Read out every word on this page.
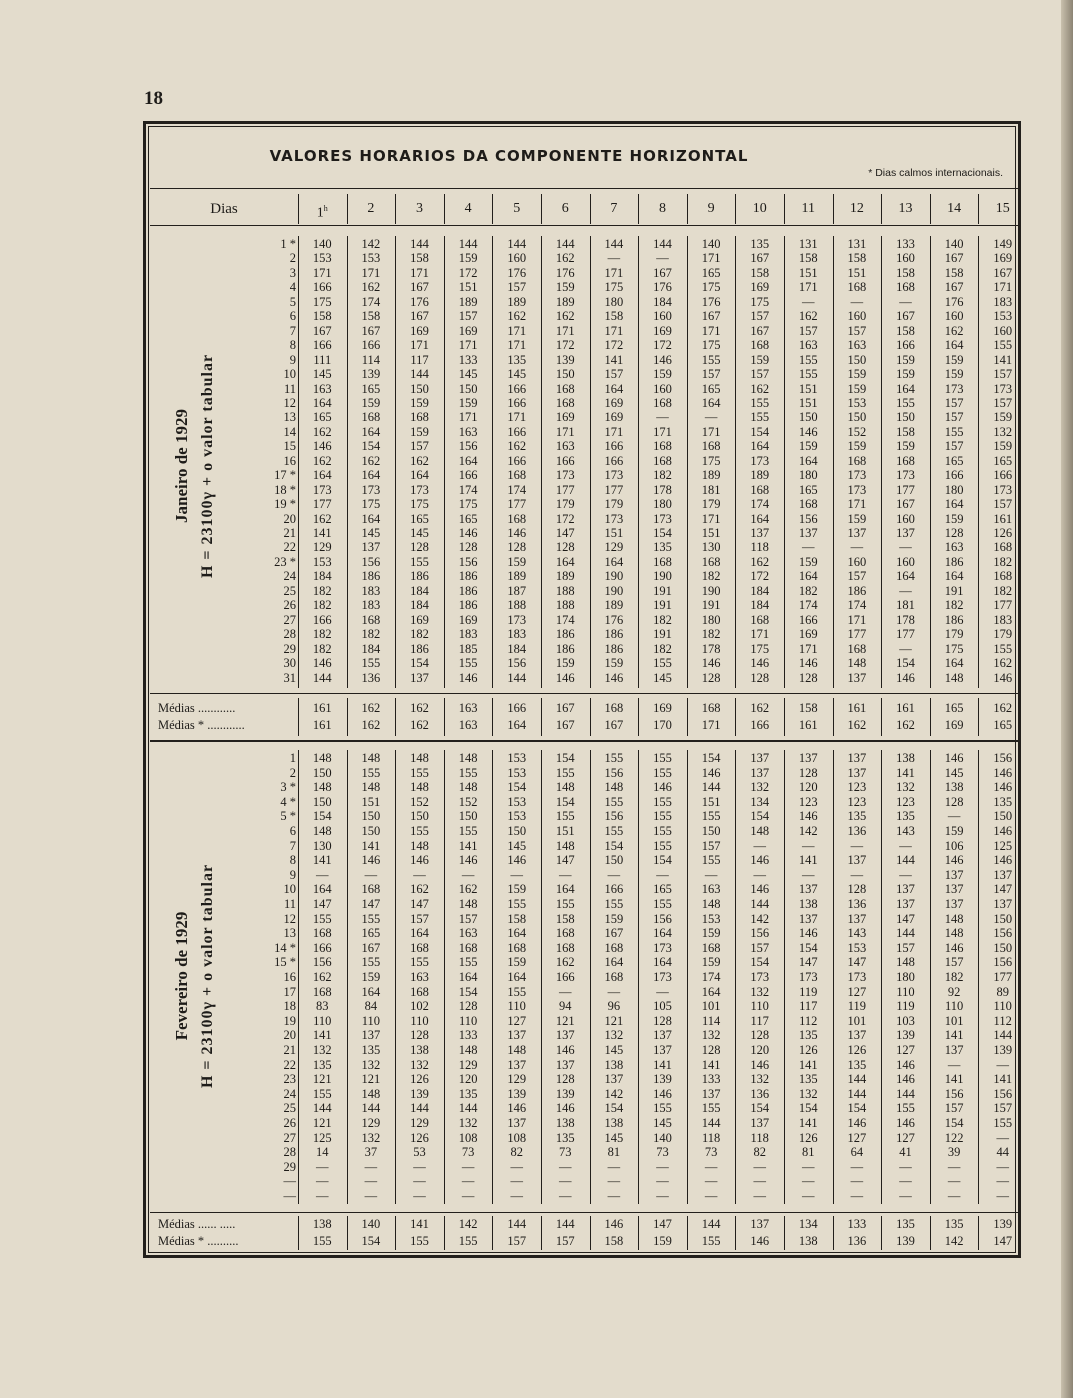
18
VALORES HORARIOS DA COMPONENTE HORIZONTAL
* Dias calmos internacionais.
Dias	1$^h$	2	3	4	5	6	7	8	9	10	11	12	13	14	15
Janeiro de 1929 H = 23100γ + o valor tabular
1 *	140	142	144	144	144	144	144	144	140	135	131	131	133	140	149
2	153	153	158	159	160	162	—	—	171	167	158	158	160	167	169
3	171	171	171	172	176	176	171	167	165	158	151	151	158	158	167
4	166	162	167	151	157	159	175	176	175	169	171	168	168	167	171
5	175	174	176	189	189	189	180	184	176	175	—	—	—	176	183
6	158	158	167	157	162	162	158	160	167	157	162	160	167	160	153
7	167	167	169	169	171	171	171	169	171	167	157	157	158	162	160
8	166	166	171	171	171	172	172	172	175	168	163	163	166	164	155
9	111	114	117	133	135	139	141	146	155	159	155	150	159	159	141
10	145	139	144	145	145	150	157	159	157	157	155	159	159	159	157
11	163	165	150	150	166	168	164	160	165	162	151	159	164	173	173
12	164	159	159	159	166	168	169	168	164	155	151	153	155	157	157
13	165	168	168	171	171	169	169	—	—	155	150	150	150	157	159
14	162	164	159	163	166	171	171	171	171	154	146	152	158	155	132
15	146	154	157	156	162	163	166	168	168	164	159	159	159	157	159
16	162	162	162	164	166	166	166	168	175	173	164	168	168	165	165
17 *	164	164	164	166	168	173	173	182	189	189	180	173	173	166	166
18 *	173	173	173	174	174	177	177	178	181	168	165	173	177	180	173
19 *	177	175	175	175	177	179	179	180	179	174	168	171	167	164	157
20	162	164	165	165	168	172	173	173	171	164	156	159	160	159	161
21	141	145	145	146	146	147	151	154	151	137	137	137	137	128	126
22	129	137	128	128	128	128	129	135	130	118	—	—	—	163	168
23 *	153	156	155	156	159	164	164	168	168	162	159	160	160	186	182
24	184	186	186	186	189	189	190	190	182	172	164	157	164	164	168
25	182	183	184	186	187	188	190	191	190	184	182	186	—	191	182
26	182	183	184	186	188	188	189	191	191	184	174	174	181	182	177
27	166	168	169	169	173	174	176	182	180	168	166	171	178	186	183
28	182	182	182	183	183	186	186	191	182	171	169	177	177	179	179
29	182	184	186	185	184	186	186	182	178	175	171	168	—	175	155
30	146	155	154	155	156	159	159	155	146	146	146	148	154	164	162
31	144	136	137	146	144	146	146	145	128	128	128	137	146	148	146
Médias ............	161	162	162	163	166	167	168	169	168	162	158	161	161	165	162
Médias * ............	161	162	162	163	164	167	167	170	171	166	161	162	162	169	165
Fevereiro de 1929 H = 23100γ + o valor tabular
1	148	148	148	148	153	154	155	155	154	137	137	137	138	146	156
2	150	155	155	155	153	155	156	155	146	137	128	137	141	145	146
3 *	148	148	148	148	154	148	148	146	144	132	120	123	132	138	146
4 *	150	151	152	152	153	154	155	155	151	134	123	123	123	128	135
5 *	154	150	150	150	153	155	156	155	155	154	146	135	135	—	150
6	148	150	155	155	150	151	155	155	150	148	142	136	143	159	146
7	130	141	148	141	145	148	154	155	157	—	—	—	—	106	125
8	141	146	146	146	146	147	150	154	155	146	141	137	144	146	146
9	—	—	—	—	—	—	—	—	—	—	—	—	—	137	137
10	164	168	162	162	159	164	166	165	163	146	137	128	137	137	147
11	147	147	147	148	155	155	155	155	148	144	138	136	137	137	137
12	155	155	157	157	158	158	159	156	153	142	137	137	147	148	150
13	168	165	164	163	164	168	167	164	159	156	146	143	144	148	156
14 *	166	167	168	168	168	168	168	173	168	157	154	153	157	146	150
15 *	156	155	155	155	159	162	164	164	159	154	147	147	148	157	156
16	162	159	163	164	164	166	168	173	174	173	173	173	180	182	177
17	168	164	168	154	155	—	—	—	164	132	119	127	110	92	89
18	83	84	102	128	110	94	96	105	101	110	117	119	119	110	110
19	110	110	110	110	127	121	121	128	114	117	112	101	103	101	112
20	141	137	128	133	137	137	132	137	132	128	135	137	139	141	144
21	132	135	138	148	148	146	145	137	128	120	126	126	127	137	139
22	135	132	132	129	137	137	138	141	141	146	141	135	146	—	—
23	121	121	126	120	129	128	137	139	133	132	135	144	146	141	141
24	155	148	139	135	139	139	142	146	137	136	132	144	144	156	156
25	144	144	144	144	146	146	154	155	155	154	154	154	155	157	157
26	121	129	129	132	137	138	138	145	144	137	141	146	146	154	155
27	125	132	126	108	108	135	145	140	118	118	126	127	127	122	—
28	14	37	53	73	82	73	81	73	73	82	81	64	41	39	44
29	—	—	—	—	—	—	—	—	—	—	—	—	—	—	—
—	—	—	—	—	—	—	—	—	—	—	—	—	—	—	—
—	—	—	—	—	—	—	—	—	—	—	—	—	—	—	—
Médias ...... .....	138	140	141	142	144	144	146	147	144	137	134	133	135	135	139
Médias * ..........	155	154	155	155	157	157	158	159	155	146	138	136	139	142	147
